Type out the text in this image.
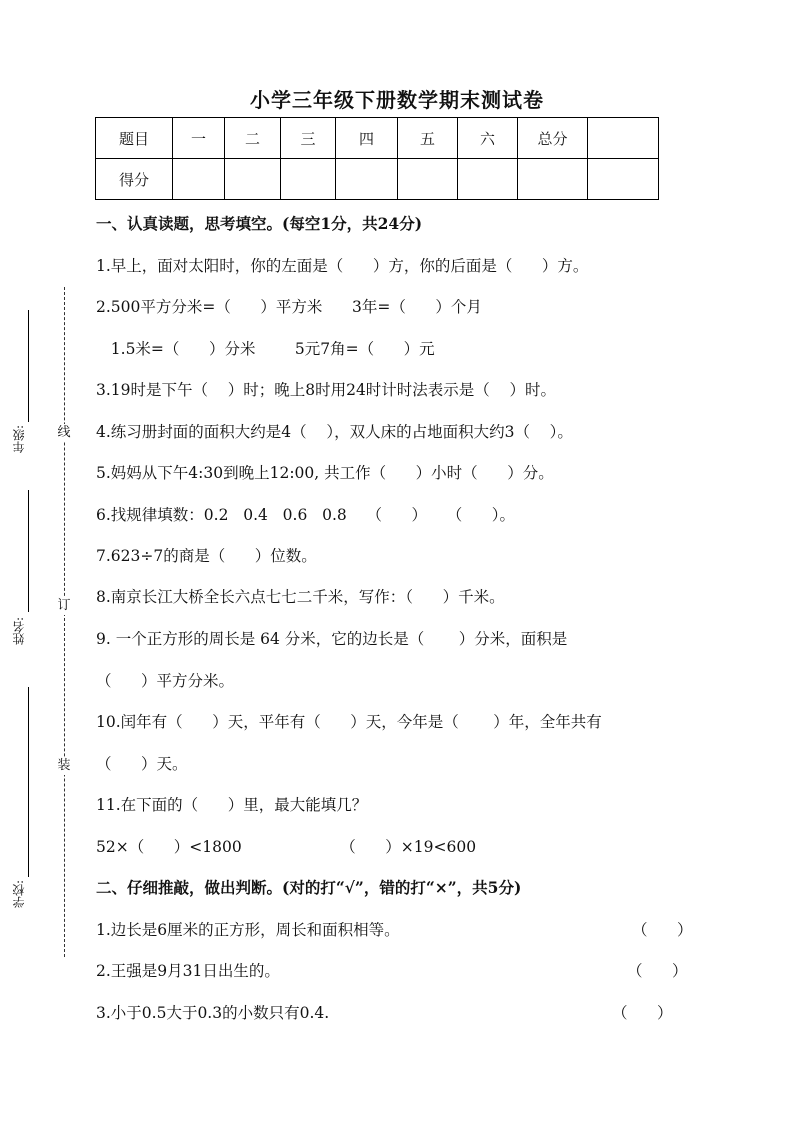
小学三年级下册数学期末测试卷
题目	一	二	三	四	五	六	总分	
得分								
线
订
装
年级:
姓名:
学校:
一、认真读题，思考填空。(每空1分，共24分)
1.早上，面对太阳时，你的左面是（      ）方，你的后面是（      ）方。
2.500平方分米=（      ）平方米      3年=（      ）个月
1.5米=（      ）分米        5元7角=（      ）元
3.19时是下午（    ）时；晚上8时用24时计时法表示是（    ）时。
4.练习册封面的面积大约是4（    ），双人床的占地面积大约3（    ）。
5.妈妈从下午4:30到晚上12:00, 共工作（      ）小时（      ）分。
6.找规律填数：0.2   0.4   0.6   0.8    （      ）    （      ）。
7.623÷7的商是（      ）位数。
8.南京长江大桥全长六点七七二千米，写作：（      ）千米。
9. 一个正方形的周长是 64 分米，它的边长是（       ）分米，面积是
（      ）平方分米。
10.闰年有（      ）天，平年有（      ）天，今年是（       ）年，全年共有
（      ）天。
11.在下面的（      ）里，最大能填几？
52×（      ）<1800                    （      ）×19<600
二、仔细推敲，做出判断。(对的打“√”，错的打“×”，共5分)
1.边长是6厘米的正方形，周长和面积相等。	（      ）
2.王强是9月31日出生的。	（      ）
3.小于0.5大于0.3的小数只有0.4.	（      ）
